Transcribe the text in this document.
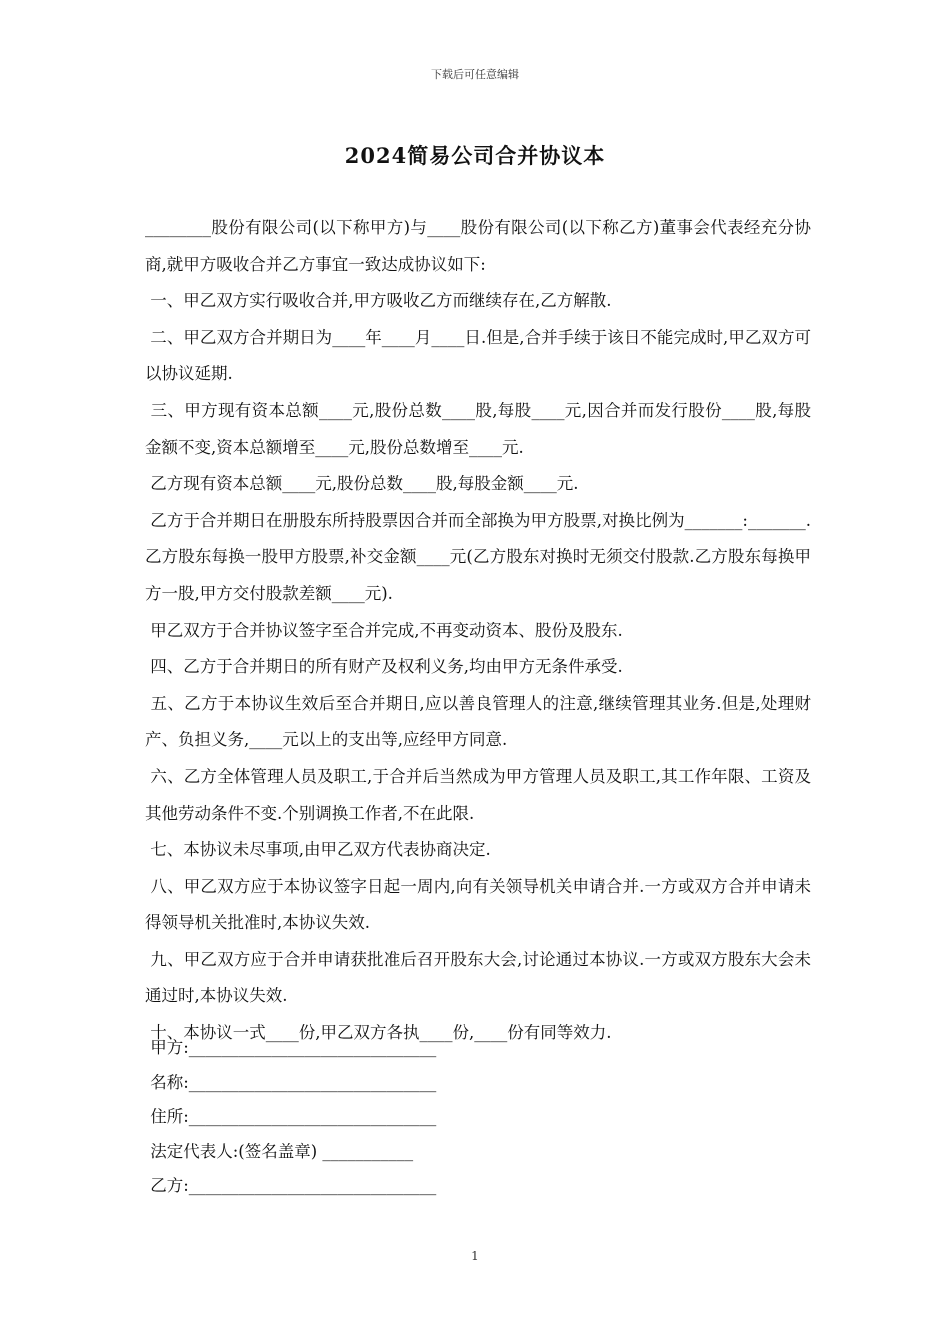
下载后可任意编辑
2024简易公司合并协议本

________股份有限公司(以下称甲方)与____股份有限公司(以下称乙方)董事会代表经充分协商,就甲方吸收合并乙方事宜一致达成协议如下:

一、甲乙双方实行吸收合并,甲方吸收乙方而继续存在,乙方解散.

二、甲乙双方合并期日为____年____月____日.但是,合并手续于该日不能完成时,甲乙双方可以协议延期.

三、甲方现有资本总额____元,股份总数____股,每股____元,因合并而发行股份____股,每股金额不变,资本总额增至____元,股份总数增至____元.

乙方现有资本总额____元,股份总数____股,每股金额____元.

乙方于合并期日在册股东所持股票因合并而全部换为甲方股票,对换比例为_______:_______.乙方股东每换一股甲方股票,补交金额____元(乙方股东对换时无须交付股款.乙方股东每换甲方一股,甲方交付股款差额____元).

甲乙双方于合并协议签字至合并完成,不再变动资本、股份及股东.

四、乙方于合并期日的所有财产及权利义务,均由甲方无条件承受.

五、乙方于本协议生效后至合并期日,应以善良管理人的注意,继续管理其业务.但是,处理财产、负担义务,____元以上的支出等,应经甲方同意.

六、乙方全体管理人员及职工,于合并后当然成为甲方管理人员及职工,其工作年限、工资及其他劳动条件不变.个别调换工作者,不在此限.

七、本协议未尽事项,由甲乙双方代表协商决定.

八、甲乙双方应于本协议签字日起一周内,向有关领导机关申请合并.一方或双方合并申请未得领导机关批准时,本协议失效.

九、甲乙双方应于合并申请获批准后召开股东大会,讨论通过本协议.一方或双方股东大会未通过时,本协议失效.

十、本协议一式____份,甲乙双方各执____份,____份有同等效力.

甲方:______________________________

名称:______________________________

住所:______________________________

法定代表人:(签名盖章) ___________

乙方:______________________________

1
